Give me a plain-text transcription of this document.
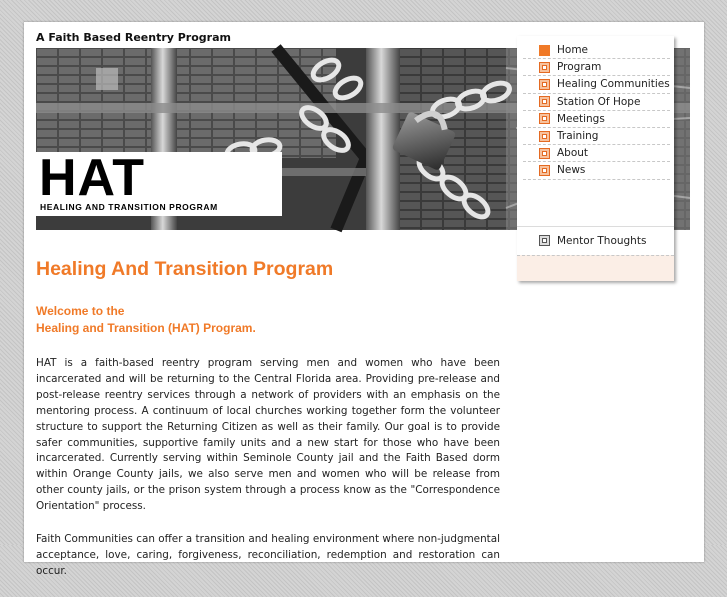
A Faith Based Reentry Program
HAT
HEALING AND TRANSITION PROGRAM
Home
Program
Healing Communities
Station Of Hope
Meetings
Training
About
News
Mentor Thoughts
Healing And Transition Program
Welcome to the
Healing and Transition (HAT) Program.

HAT is a faith-based reentry program serving men and women who have been incarcerated and will be returning to the Central Florida area. Providing pre-release and post-release reentry services through a network of providers with an emphasis on the mentoring process. A continuum of local churches working together form the volunteer structure to support the Returning Citizen as well as their family. Our goal is to provide safer communities, supportive family units and a new start for those who have been incarcerated. Currently serving within Seminole County jail and the Faith Based dorm within Orange County jails, we also serve men and women who will be release from other county jails, or the prison system through a process know as the "Correspondence Orientation" process.

Faith Communities can offer a transition and healing environment where non-judgmental acceptance, love, caring, forgiveness, reconciliation, redemption and restoration can occur.
